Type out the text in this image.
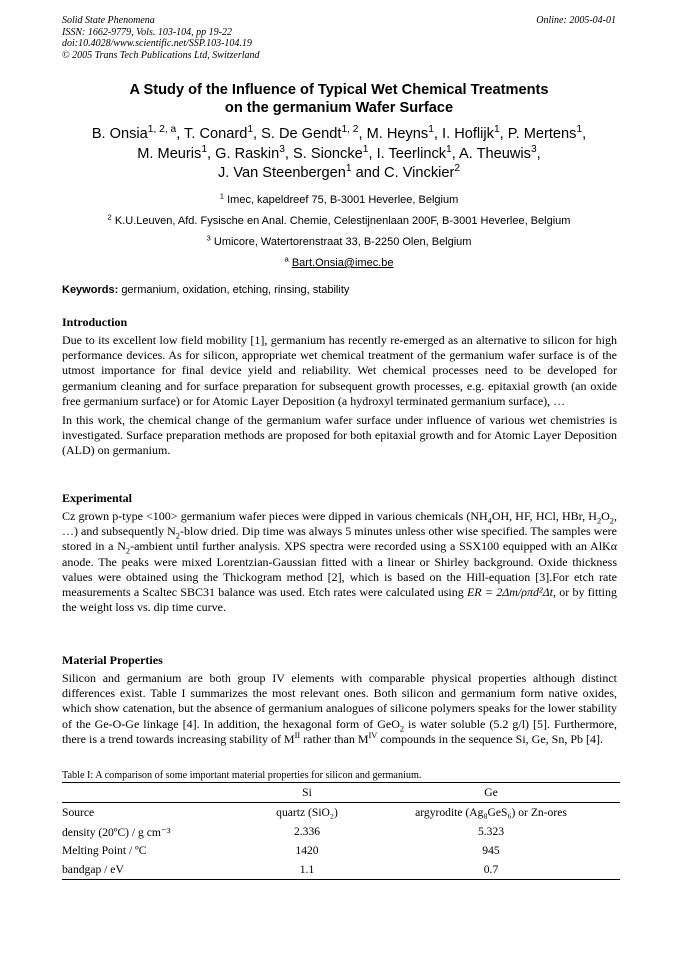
Solid State Phenomena
ISSN: 1662-9779, Vols. 103-104, pp 19-22
doi:10.4028/www.scientific.net/SSP.103-104.19
© 2005 Trans Tech Publications Ltd, Switzerland
Online: 2005-04-01
A Study of the Influence of Typical Wet Chemical Treatments
on the germanium Wafer Surface
B. Onsia$^{1, 2, a}$, T. Conard$^1$, S. De Gendt$^{1, 2}$, M. Heyns$^1$, I. Hoflijk$^1$, P. Mertens$^1$,
M. Meuris$^1$, G. Raskin$^3$, S. Sioncke$^1$, I. Teerlinck$^1$, A. Theuwis$^3$,
J. Van Steenbergen$^1$ and C. Vinckier$^2$
$^1$ Imec, kapeldreef 75, B-3001 Heverlee, Belgium
$^2$ K.U.Leuven, Afd. Fysische en Anal. Chemie, Celestijnenlaan 200F, B-3001 Heverlee, Belgium
$^3$ Umicore, Watertorenstraat 33, B-2250 Olen, Belgium
$^a$ Bart.Onsia@imec.be
Keywords: germanium, oxidation, etching, rinsing, stability
Introduction

Due to its excellent low field mobility [1], germanium has recently re-emerged as an alternative to silicon for high performance devices. As for silicon, appropriate wet chemical treatment of the germanium wafer surface is of the utmost importance for final device yield and reliability. Wet chemical processes need to be developed for germanium cleaning and for surface preparation for subsequent growth processes, e.g. epitaxial growth (an oxide free germanium surface) or for Atomic Layer Deposition (a hydroxyl terminated germanium surface), …

In this work, the chemical change of the germanium wafer surface under influence of various wet chemistries is investigated. Surface preparation methods are proposed for both epitaxial growth and for Atomic Layer Deposition (ALD) on germanium.

Experimental

Cz grown p-type <100> germanium wafer pieces were dipped in various chemicals ($NH_4OH$, HF, HCl, HBr, $H_2O_2$, …) and subsequently $N_2$-blow dried. Dip time was always 5 minutes unless other wise specified. The samples were stored in a $N_2$-ambient until further analysis. XPS spectra were recorded using a SSX100 equipped with an AlKα anode. The peaks were mixed Lorentzian-Gaussian fitted with a linear or Shirley background. Oxide thickness values were obtained using the Thickogram method [2], which is based on the Hill-equation [3].For etch rate measurements a Scaltec SBC31 balance was used. Etch rates were calculated using ER = 2Δm/ρπd²Δt, or by fitting the weight loss vs. dip time curve.

Material Properties

Silicon and germanium are both group IV elements with comparable physical properties although distinct differences exist. Table I summarizes the most relevant ones. Both silicon and germanium form native oxides, which show catenation, but the absence of germanium analogues of silicone polymers speaks for the lower stability of the Ge-O-Ge linkage [4]. In addition, the hexagonal form of GeO$_2$ is water soluble (5.2 g/l) [5]. Furthermore, there is a trend towards increasing stability of $M^{II}$ rather than $M^{IV}$ compounds in the sequence Si, Ge, Sn, Pb [4].

Table I: A comparison of some important material properties for silicon and germanium.
	Si	Ge
Source	quartz (SiO₂)	argyrodite (Ag₈GeS₆) or Zn-ores
density (20ºC) / g cm⁻³	2.336	5.323
Melting Point / ºC	1420	945
bandgap / eV	1.1	0.7
